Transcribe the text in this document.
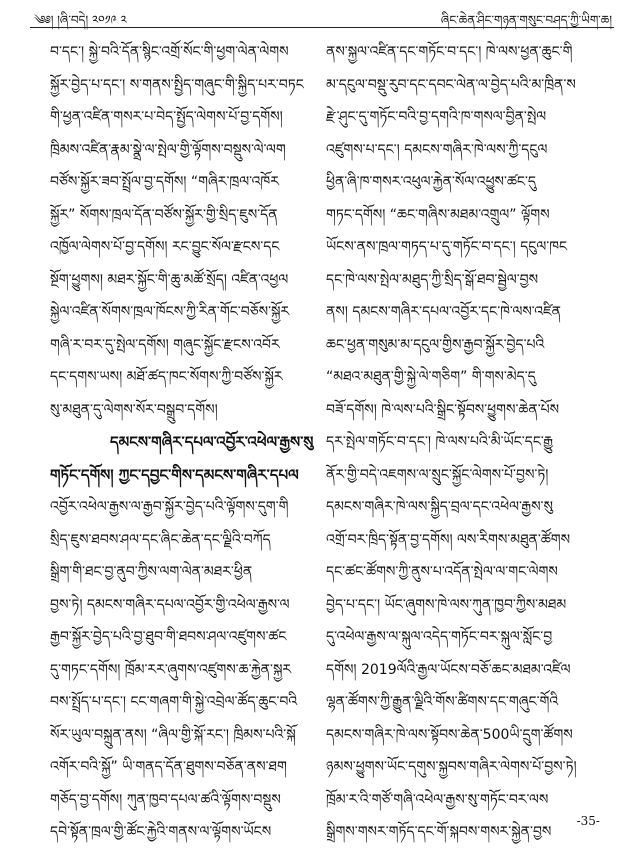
༄༅། །ཞི་བདེ། ༢༠༡༩ ༢	ཞིང་ཆེན་ཤིང་གཉན་གསུང་བཤད་ཀྱི་ཡིག་ཆ།
བ་དང་། སྐྱེ་བའི་དོན་སྙིང་འགྲོ་སོང་གི་ཕྱག་ལེན་ལེགས
སྐྱོར་བྱེད་པ་དང་། ས་གནས་སྤྱིད་གཞུང་གི་སྐྱིད་པར་བཏང
གི་ཕྱན་འཛིན་གསར་པ་བེད་སྤྱོད་ལེགས་པོ་བྱ་དགོས།
ཁྲིམས་འཛིན་རྣམ་སྣྲེ་ལ་སྤེལ་གྱི་ལྟོགས་བསྡུས་ལེ་ལག
བཙོས་སྐྱོར་ཟབ་སྤྲོལ་བྱ་དགོས། “གཞིར་ཁྲལ་འཁོར
སྐྱོར” སོགས་ཁྲལ་དོན་བཙོས་སྐྱོར་གྱི་སྲིད་ཇུས་དོན
འཁྱོལ་ལེགས་པོ་བྱ་དགོས། རང་བྱུང་སོལ་རྫངས་དང
སྔོག་ཕྱུགས། མཐར་སྐྱོང་གི་ཆུ་མཚོ་སྲོད། འཛིན་འཕྱལ
སྐྱེལ་འཛིན་སོགས་ཁྲལ་ཁོངས་ཀྱི་རིན་གོང་བཅོས་སྐྱོར
གཞི་ར་བར་དུ་སྤེལ་དགོས། གཞུང་སྐྱོང་རྫངས་འབོར
དང་དགས་ཡས། མཐོ་ཚད་ཁང་སོགས་ཀྱི་བཙོས་སྐྱོར
སུ་མཐུན་དུ་ལེགས་སོར་བསྒྲུབ་དགོས།
དམངས་གཞིར་དཔལ་འབྱོར་འཕེལ་རྒྱས་སུ
གཏོང་དགོས། ཀྱང་དབྱང་གིས་དམངས་གཞིར་དཔལ
འབྱོར་འཕེལ་རྒྱས་ལ་རྒྱབ་སྐྱོར་བྱེད་པའི་ལྟོགས་དུག་གི
སྲིད་ཇུས་ཐབས་ཤལ་དང་ཞིང་ཆེན་དང་ལྗིའི་བཀོད
སྒྲིག་གི་ཐང་བྱ་ནུབ་ཀྱིས་ལག་ལེན་མཐར་ཕྱིན
བྱས་ཏེ། དམངས་གཞིར་དཔལ་འབྱོར་གྱི་འཕེལ་རྒྱས་ལ
རྒྱབ་སྐྱོར་བྱེད་པའི་བྱ་ཐུབ་གི་ཐབས་ཤལ་འཛུགས་ཚང
དུ་གཏང་དགོས། ཁྲོམ་རར་ཞུགས་འཛུགས་ཆ་རྐྱེན་སྐྱར
བས་སྤྲོད་པ་དང་། ངང་གཞག་གི་སྐྱེ་འབྲེལ་ཚོད་ཆུང་བའི
སོར་ཡུལ་བསྐྲུན་ནས། “ཞིལ་གྱི་སྐོ་རང་། ཁྲིམས་པའི་སྐོ
འགོར་བའི་སྐྱོ” ཡི་གནད་དོན་ཐུགས་བཅོན་ནས་ཐག
གཅོད་བྱ་དགོས། ཀུན་ཁྱབ་དཔལ་ཚའི་ལྟོགས་བསྡུས
དབེ་སྟོན་ཁྲལ་གྱི་ཚོང་རྐྱེའི་གནས་ལ་ལྟོགས་ཡོངས
ནས་སྐྱལ་འཛིན་དང་གཏོང་བ་དང་། ཁེ་ལས་ཕྱན་ཆུང་གི
མ་དངུལ་བསྡུ་རུབ་དང་དབང་ལེན་ལ་བྱེད་པའི་མ་ཁྲིན་ས
རྫེ་ཤུང་དུ་གཏོང་བའི་བྱ་དགའི་ཁ་གསལ་བྱིན་སྤེལ
འཛུགས་པ་དང་། དམངས་གཞིར་ཁེ་ལས་ཀྱི་དངུལ
ཕྱིན་ཞི་ཁ་གསར་འཕུལ་རྐྱེན་སོལ་འཕྱུས་ཚང་དུ
གཏང་དགོས། “ཆང་གཞིས་མཐམ་འགྲུལ” ལྟོགས
ཡོངས་ནས་ཁྲལ་གཏད་པ་དུ་གཏོང་བ་དང་། དངུལ་ཁང
དང་ཁེ་ལས་སྤེལ་མཐུད་ཀྱི་སྲིད་སྒོ་ཐབ་སྦྱེལ་བྱས
ནས། དམངས་གཞིར་དཔལ་འབྱོར་དང་ཁེ་ལས་འཛིན
ཆང་ཕྱན་གསུམ་མ་དངུལ་གྱིས་རྒྱབ་སྐྱོར་བྱེད་པའི
“མཐའ་མཐུན་གྱི་སྐྱེ་ལེ་གཅིག” གི་གས་མེད་དུ
བཟོ་དགོས། ཁེ་ལས་པའི་སྒྲིང་སྟོབས་ཕྱུགས་ཆེན་པོས
དར་སྤེལ་གཏོང་བ་དང་། ཁེ་ལས་པའི་མི་ཡོང་དང་རྒྱུ
ནོར་གྱི་བདེ་འཇགས་ལ་སྲུང་སྐྱོང་ལེགས་པོ་བྱས་ཏེ།
དམངས་གཞིར་ཁེ་ལས་སྐྱིད་བྲལ་དང་འཕེལ་རྒྱས་སུ
འགྲོ་བར་ཁྲིད་སྟོན་བྱ་དགོས། ལས་རིགས་མཐུན་ཚོགས
དང་ཚང་ཚོགས་ཀྱི་ནུས་པ་འདོན་སྤེལ་ལ་གང་ལེགས
བྱེད་པ་དང་། ཡོང་ཞུགས་ཁེ་ལས་ཀུན་ཁྱབ་ཀྱིས་མཐམ
དུ་འཕེལ་རྒྱས་ལ་སྐུལ་འདེད་གཏོང་བར་སྐུལ་སློང་བྱ
དགོས། 2019ལོའི་རྒྱལ་ཡོངས་བཅོ་ཆང་མཐམ་འཛིལ
ལྷན་ཚོགས་ཀྱི་རྒྱུན་ལྗིའི་གོས་ཚིགས་དང་གཞུང་གོའི
དམངས་གཞིར་ཁེ་ལས་སྟོབས་ཆེན་500ཡི་དྲུག་ཚོགས
ཉམས་ཕྱུགས་ཡོང་དགུས་སྐྱབས་གཞིར་ལེགས་པོ་བྱས་ཏེ།
ཁྲོམ་ར་འི་གཙོ་གཞི་འཕེལ་རྒྱས་སུ་གཏོང་བར་ལས
སྒྲིགས་གསར་གཏོད་དང་གོ་སྐབས་གསར་སྐྱེན་བྱས
-35-
